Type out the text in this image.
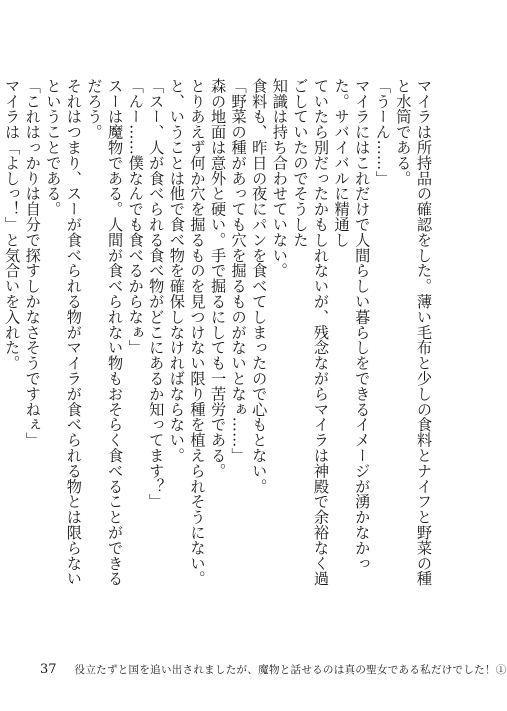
マイラは所持品の確認をした。薄い毛布と少しの食料とナイフと野菜の種と水筒である。

「うーん……」

マイラにはこれだけで人間らしい暮らしをできるイメージが湧かなかった。サバイバルに精通し

ていたら別だったかもしれないが、残念ながらマイラは神殿で余裕なく過ごしていたのでそうした

知識は持ち合わせていない。

食料も、昨日の夜にパンを食べてしまったので心もとない。

「野菜の種があっても穴を掘るものがないとなぁ……」

森の地面は意外と硬い。手で掘るにしても一苦労である。

とりあえず何か穴を掘るものを見つけない限り種を植えられそうにない。

と、いうことは他で食べ物を確保しなければならない。

「スー、人が食べられる食べ物がどこにあるか知ってます？」

「んー……僕なんでも食べるからなぁ」

スーは魔物である。人間が食べられない物もおそらく食べることができるだろう。

それはつまり、スーが食べられる物がマイラが食べられる物とは限らないということである。

「これはっかりは自分で探すしかなさそうですねぇ」

マイラは「よしっ！」と気合いを入れた。

37 役立たずと国を追い出されましたが、魔物と話せるのは真の聖女である私だけでした！①
